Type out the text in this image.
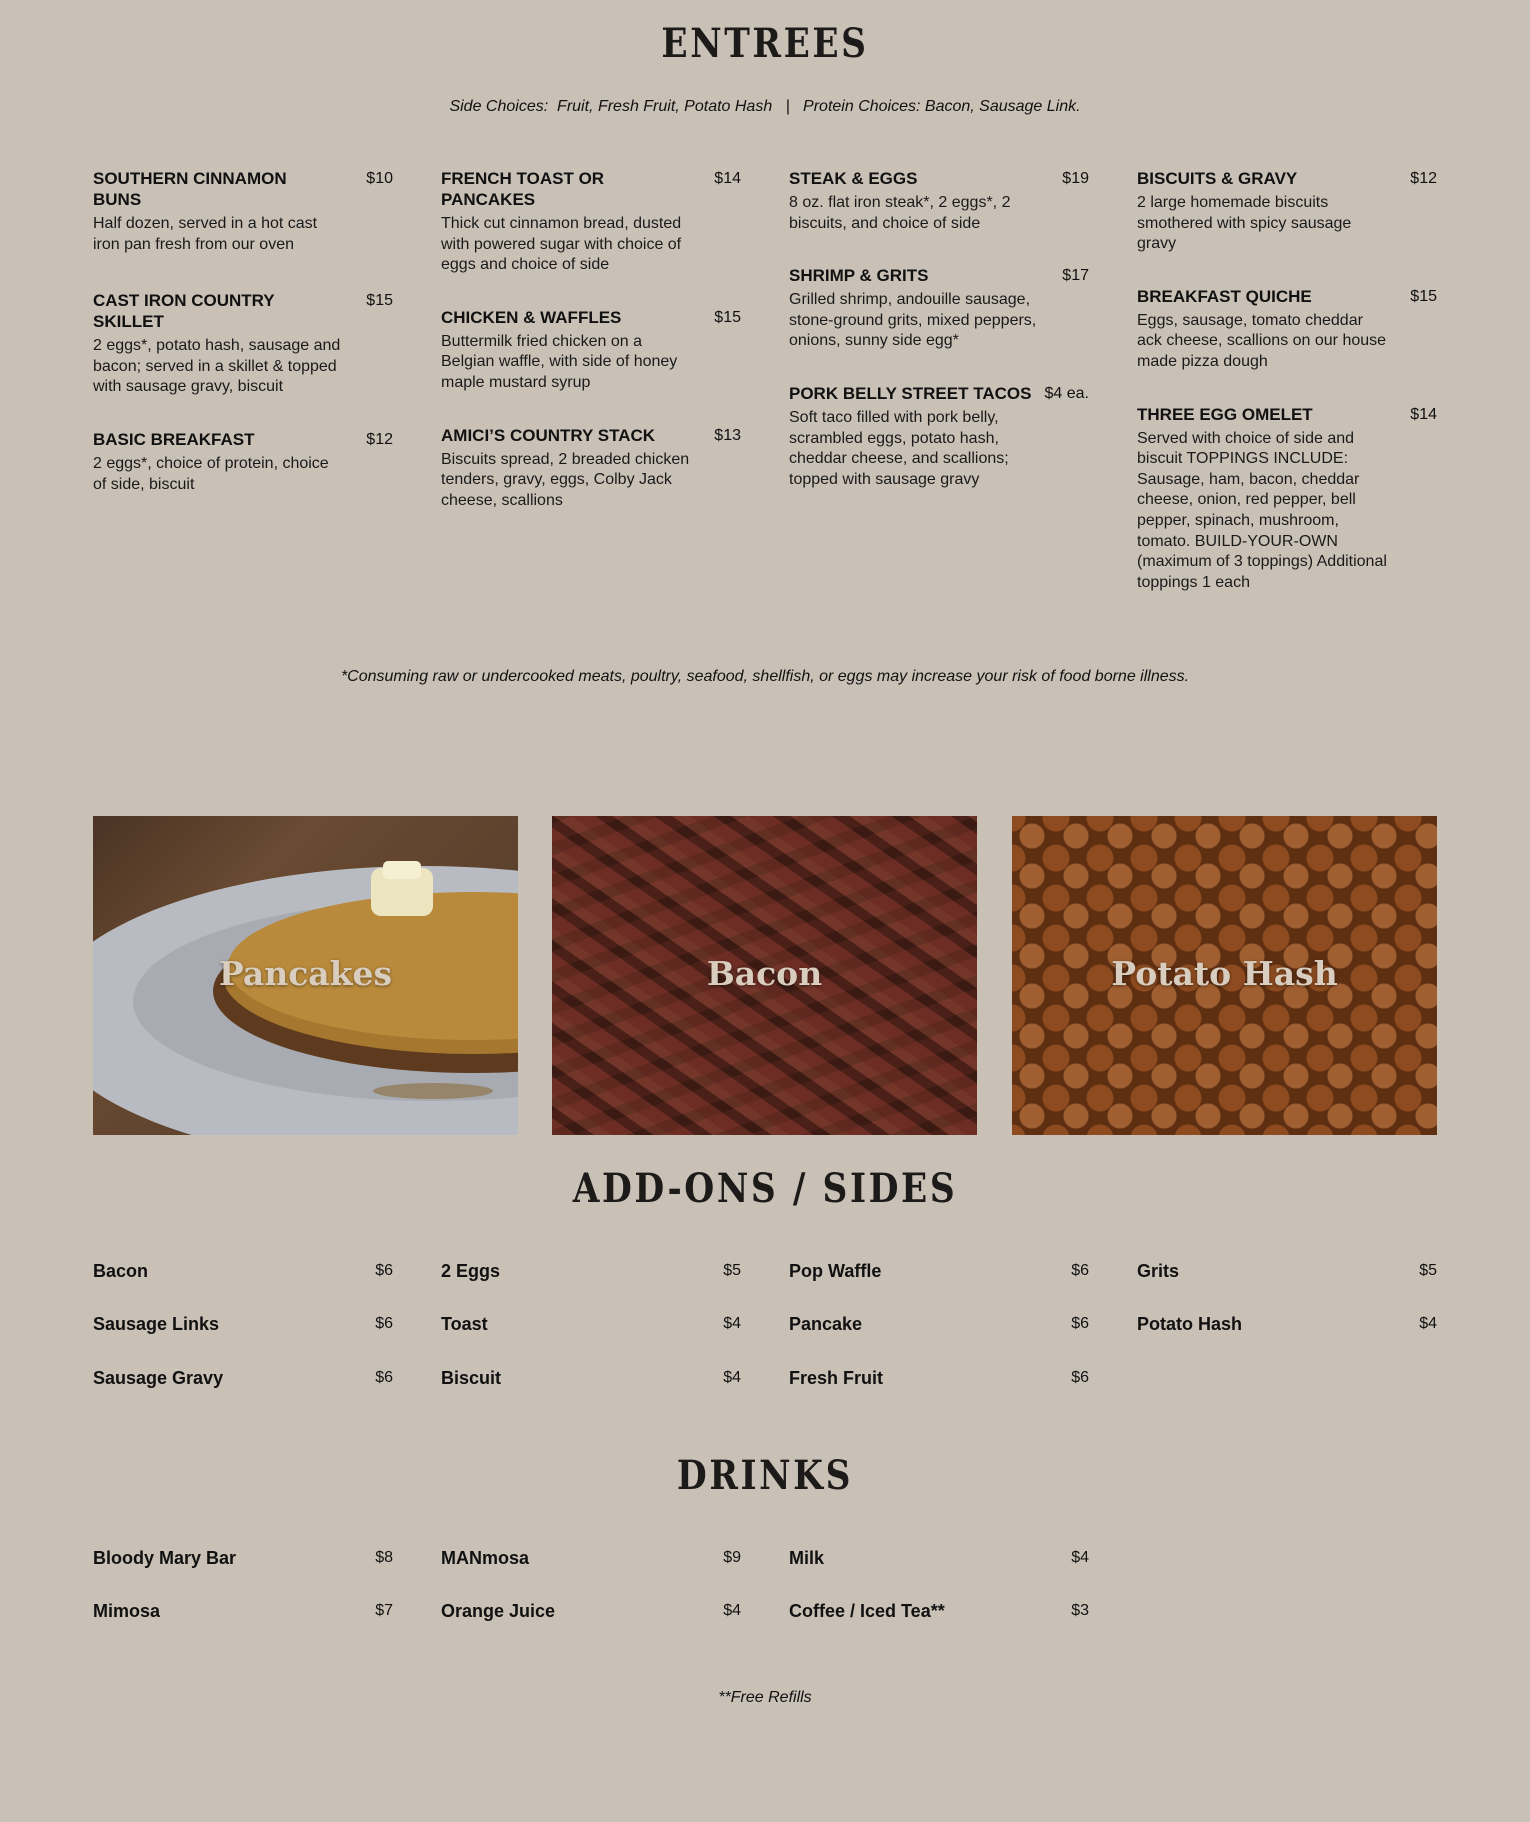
ENTREES
Side Choices:  Fruit, Fresh Fruit, Potato Hash   |   Protein Choices: Bacon, Sausage Link.
SOUTHERN CINNAMON BUNS
$10
Half dozen, served in a hot cast iron pan fresh from our oven
CAST IRON COUNTRY SKILLET
$15
2 eggs*, potato hash, sausage and bacon; served in a skillet & topped with sausage gravy, biscuit
BASIC BREAKFAST	$12
2 eggs*, choice of protein, choice of side, biscuit
FRENCH TOAST OR PANCAKES
$14
Thick cut cinnamon bread, dusted with powered sugar with choice of eggs and choice of side
CHICKEN & WAFFLES	$15
Buttermilk fried chicken on a Belgian waffle, with side of honey maple mustard syrup
AMICI’S COUNTRY STACK	$13
Biscuits spread, 2 breaded chicken tenders, gravy, eggs, Colby Jack cheese, scallions
STEAK & EGGS	$19
8 oz. flat iron steak*, 2 eggs*, 2 biscuits, and choice of side
SHRIMP & GRITS	$17
Grilled shrimp, andouille sausage, stone-ground grits, mixed peppers, onions, sunny side egg*
PORK BELLY STREET TACOS $4 ea.
Soft taco filled with pork belly, scrambled eggs, potato hash, cheddar cheese, and scallions; topped with sausage gravy
BISCUITS & GRAVY	$12
2 large homemade biscuits smothered with spicy sausage gravy
BREAKFAST QUICHE	$15
Eggs, sausage, tomato cheddar ack cheese, scallions on our house made pizza dough
THREE EGG OMELET	$14
Served with choice of side and biscuit TOPPINGS INCLUDE: Sausage, ham, bacon, cheddar cheese, onion, red pepper, bell pepper, spinach, mushroom, tomato. BUILD-YOUR-OWN (maximum of 3 toppings) Additional toppings 1 each
*Consuming raw or undercooked meats, poultry, seafood, shellfish, or eggs may increase your risk of food borne illness.
Pancakes	Bacon	Potato Hash
ADD-ONS / SIDES
Bacon	$6
Sausage Links	$6
Sausage Gravy	$6
2 Eggs	$5
Toast	$4
Biscuit	$4
Pop Waffle	$6
Pancake	$6
Fresh Fruit	$6
Grits	$5
Potato Hash	$4
DRINKS
Bloody Mary Bar	$8
Mimosa	$7
MANmosa	$9
Orange Juice	$4
Milk	$4
Coffee / Iced Tea**	$3
**Free Refills
